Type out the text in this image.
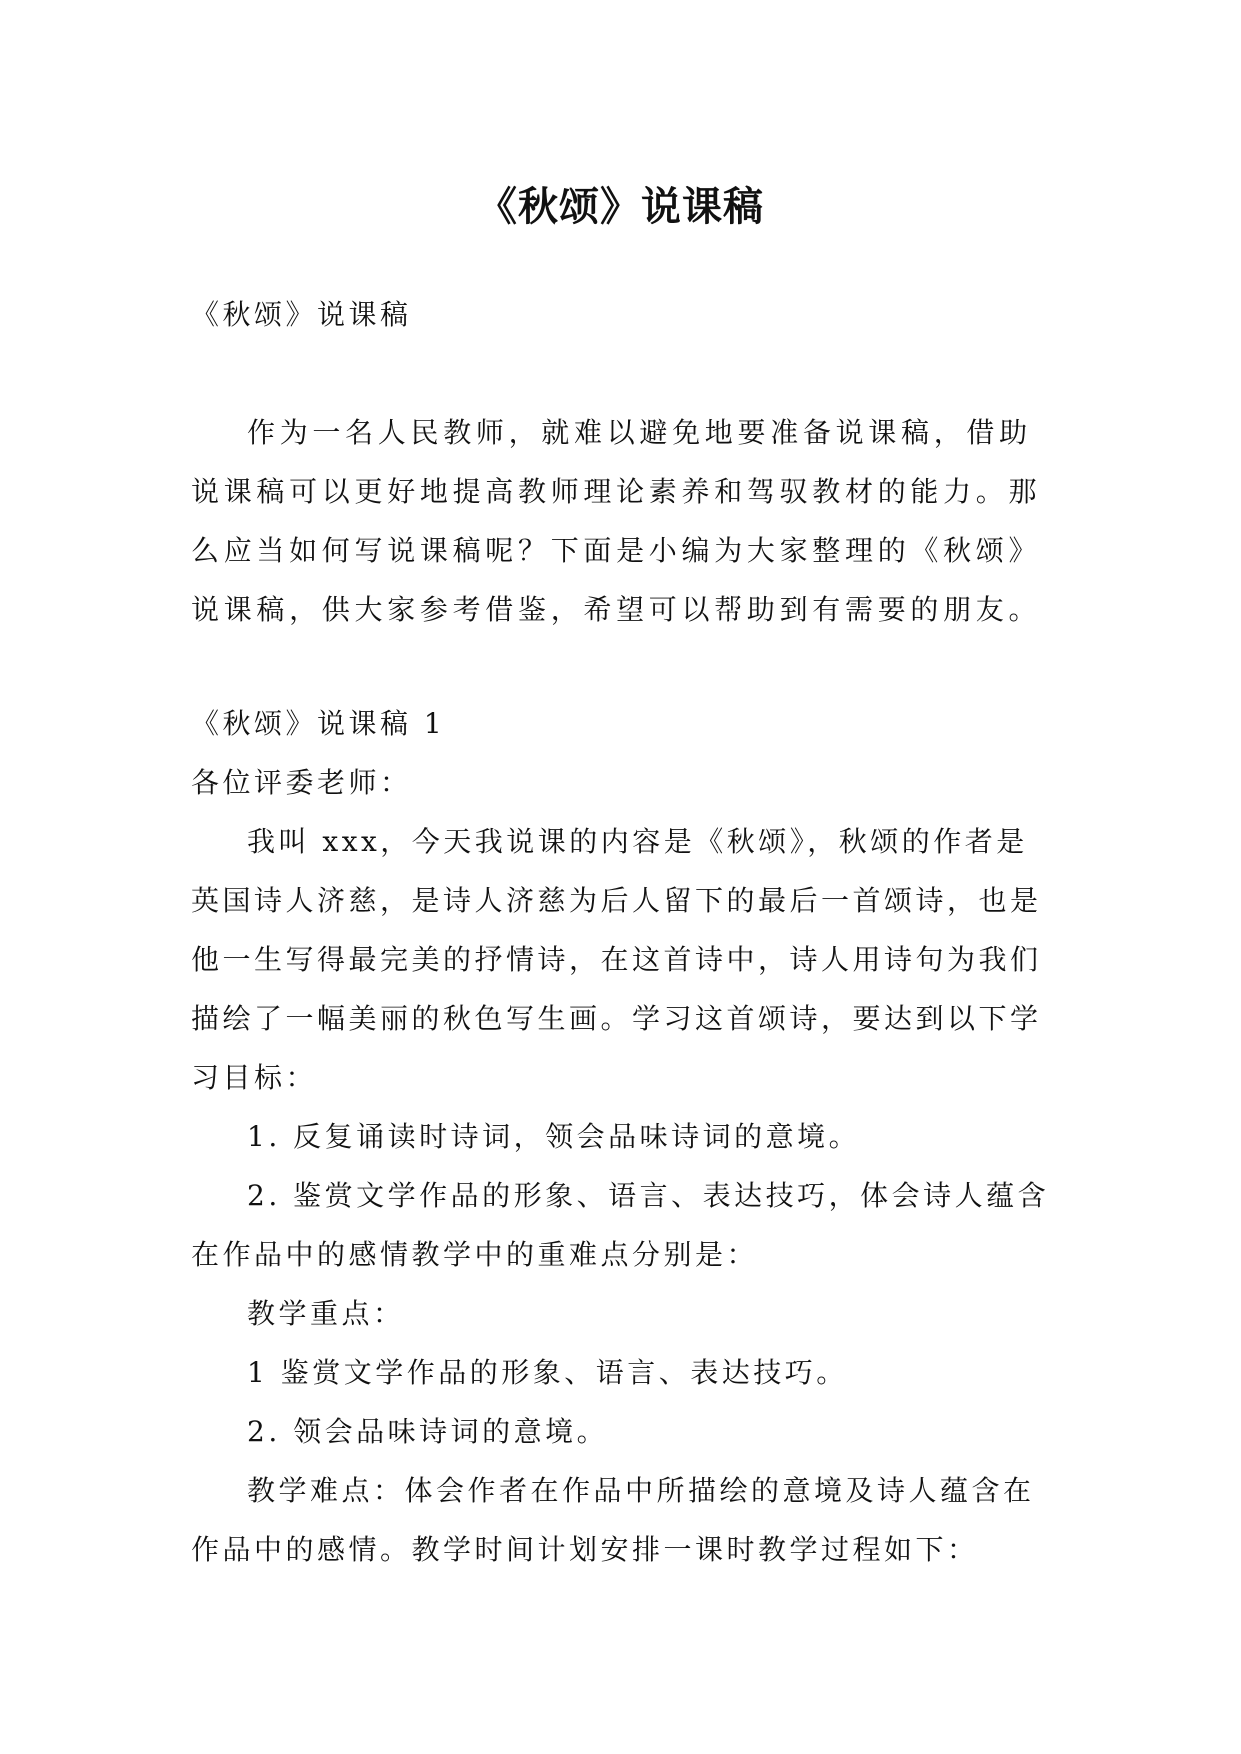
《秋颂》说课稿

《秋颂》说课稿

作为一名人民教师，就难以避免地要准备说课稿，借助说课稿可以更好地提高教师理论素养和驾驭教材的能力。那么应当如何写说课稿呢？下面是小编为大家整理的《秋颂》说课稿，供大家参考借鉴，希望可以帮助到有需要的朋友。

《秋颂》说课稿 1

各位评委老师：

我叫 xxx，今天我说课的内容是《秋颂》，秋颂的作者是英国诗人济慈，是诗人济慈为后人留下的最后一首颂诗，也是他一生写得最完美的抒情诗，在这首诗中，诗人用诗句为我们描绘了一幅美丽的秋色写生画。学习这首颂诗，要达到以下学习目标：

1. 反复诵读时诗词，领会品味诗词的意境。

2. 鉴赏文学作品的形象、语言、表达技巧，体会诗人蕴含在作品中的感情教学中的重难点分别是：

教学重点：

1 鉴赏文学作品的形象、语言、表达技巧。

2. 领会品味诗词的意境。

教学难点：体会作者在作品中所描绘的意境及诗人蕴含在作品中的感情。教学时间计划安排一课时教学过程如下：
